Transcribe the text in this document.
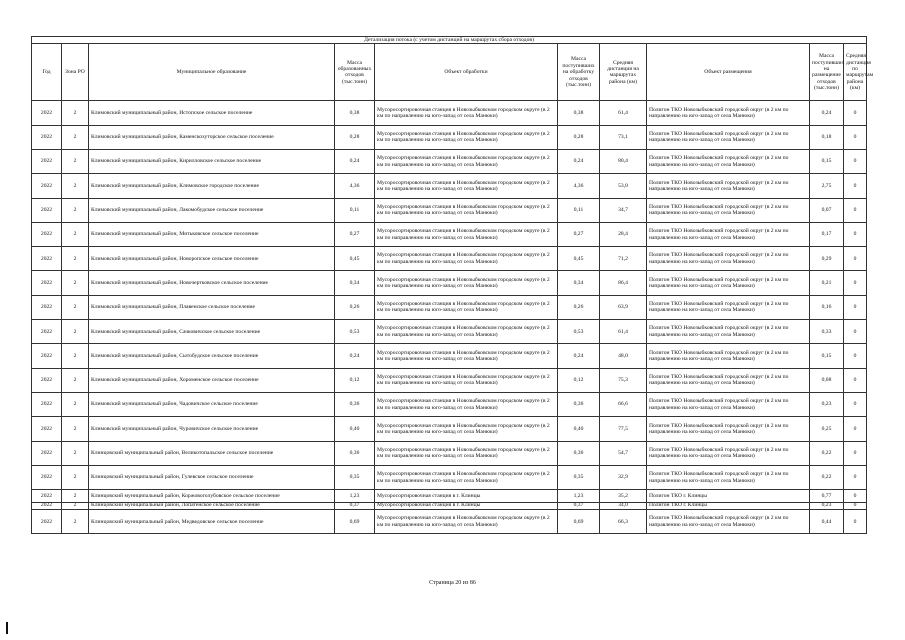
Детализация потока (с учетом дистанций на маршрутах сбора отходов)									
Год	Зона РО	Муниципальное образование	Масса образованных отходов (тыс.тонн)	Объект обработки	Масса поступивших на обработку отходов (тыс.тонн)	Средняя дистанция на маршрутах района (км)	Объект размещения	Масса поступивших на размещение отходов (тыс.тонн)	Средняя дистанция по маршрутам района (км)
2022	2	Климовский муниципальный район, Истопское сельское поселение	0,38	Мусоросортировочная станция в Новозыбковском городском округе (в 2 км по направлению на юго-запад от села Манюки)	0,38	61,4	Полигон ТКО Новозыбковский городской округ (в 2 км по направлению на юго-запад от села Манюки)	0,24	0
2022	2	Климовский муниципальный район, Каменскохуторское сельское поселение	0,28	Мусоросортировочная станция в Новозыбковском городском округе (в 2 км по направлению на юго-запад от села Манюки)	0,28	73,1	Полигон ТКО Новозыбковский городской округ (в 2 км по направлению на юго-запад от села Манюки)	0,18	0
2022	2	Климовский муниципальный район, Кирилловское сельское поселение	0,24	Мусоросортировочная станция в Новозыбковском городском округе (в 2 км по направлению на юго-запад от села Манюки)	0,24	80,4	Полигон ТКО Новозыбковский городской округ (в 2 км по направлению на юго-запад от села Манюки)	0,15	0
2022	2	Климовский муниципальный район, Климовское городское поселение	4,36	Мусоросортировочная станция в Новозыбковском городском округе (в 2 км по направлению на юго-запад от села Манюки)	4,36	53,0	Полигон ТКО Новозыбковский городской округ (в 2 км по направлению на юго-запад от села Манюки)	2,75	0
2022	2	Климовский муниципальный район, Лакомобудское сельское поселение	0,11	Мусоросортировочная станция в Новозыбковском городском округе (в 2 км по направлению на юго-запад от села Манюки)	0,11	34,7	Полигон ТКО Новозыбковский городской округ (в 2 км по направлению на юго-запад от села Манюки)	0,07	0
2022	2	Климовский муниципальный район, Митьковское сельское поселение	0,27	Мусоросортировочная станция в Новозыбковском городском округе (в 2 км по направлению на юго-запад от села Манюки)	0,27	28,4	Полигон ТКО Новозыбковский городской округ (в 2 км по направлению на юго-запад от села Манюки)	0,17	0
2022	2	Климовский муниципальный район, Новоропское сельское поселение	0,45	Мусоросортировочная станция в Новозыбковском городском округе (в 2 км по направлению на юго-запад от села Манюки)	0,45	71,2	Полигон ТКО Новозыбковский городской округ (в 2 км по направлению на юго-запад от села Манюки)	0,29	0
2022	2	Климовский муниципальный район, Новочертковское сельское поселение	0,34	Мусоросортировочная станция в Новозыбковском городском округе (в 2 км по направлению на юго-запад от села Манюки)	0,34	86,4	Полигон ТКО Новозыбковский городской округ (в 2 км по направлению на юго-запад от села Манюки)	0,21	0
2022	2	Климовский муниципальный район, Плавенское сельское поселение	0,26	Мусоросортировочная станция в Новозыбковском городском округе (в 2 км по направлению на юго-запад от села Манюки)	0,26	63,9	Полигон ТКО Новозыбковский городской округ (в 2 км по направлению на юго-запад от села Манюки)	0,16	0
2022	2	Климовский муниципальный район, Сачковичское сельское поселение	0,53	Мусоросортировочная станция в Новозыбковском городском округе (в 2 км по направлению на юго-запад от села Манюки)	0,53	61,4	Полигон ТКО Новозыбковский городской округ (в 2 км по направлению на юго-запад от села Манюки)	0,33	0
2022	2	Климовский муниципальный район, Сытобудское сельское поселение	0,24	Мусоросортировочная станция в Новозыбковском городском округе (в 2 км по направлению на юго-запад от села Манюки)	0,24	48,0	Полигон ТКО Новозыбковский городской округ (в 2 км по направлению на юго-запад от села Манюки)	0,15	0
2022	2	Климовский муниципальный район, Хороменское сельское поселение	0,12	Мусоросортировочная станция в Новозыбковском городском округе (в 2 км по направлению на юго-запад от села Манюки)	0,12	75,3	Полигон ТКО Новозыбковский городской округ (в 2 км по направлению на юго-запад от села Манюки)	0,08	0
2022	2	Климовский муниципальный район, Чадовичское сельское поселение	0,36	Мусоросортировочная станция в Новозыбковском городском округе (в 2 км по направлению на юго-запад от села Манюки)	0,36	66,6	Полигон ТКО Новозыбковский городской округ (в 2 км по направлению на юго-запад от села Манюки)	0,23	0
2022	2	Климовский муниципальный район, Чуровичское сельское поселение	0,40	Мусоросортировочная станция в Новозыбковском городском округе (в 2 км по направлению на юго-запад от села Манюки)	0,40	77,5	Полигон ТКО Новозыбковский городской округ (в 2 км по направлению на юго-запад от села Манюки)	0,25	0
2022	2	Клинцовский муниципальный район, Великотопальское сельское поселение	0,36	Мусоросортировочная станция в Новозыбковском городском округе (в 2 км по направлению на юго-запад от села Манюки)	0,36	54,7	Полигон ТКО Новозыбковский городской округ (в 2 км по направлению на юго-запад от села Манюки)	0,22	0
2022	2	Клинцовский муниципальный район, Гулевское сельское поселение	0,35	Мусоросортировочная станция в Новозыбковском городском округе (в 2 км по направлению на юго-запад от села Манюки)	0,35	32,9	Полигон ТКО Новозыбковский городской округ (в 2 км по направлению на юго-запад от села Манюки)	0,22	0
2022	2	Клинцовский муниципальный район, Коржовоголубовское сельское поселение	1,23	Мусоросортировочная станция в г. Клинцы	1,23	35,2	Полигон ТКО г. Клинцы	0,77	0
2022	2	Клинцовский муниципальный район, Лопатенское сельское поселение	0,37	Мусоросортировочная станция в г. Клинцы	0,37	34,0	Полигон ТКО г. Клинцы	0,23	0
2022	2	Клинцовский муниципальный район, Медведовское сельское поселение	0,69	Мусоросортировочная станция в Новозыбковском городском округе (в 2 км по направлению на юго-запад от села Манюки)	0,69	66,3	Полигон ТКО Новозыбковский городской округ (в 2 км по направлению на юго-запад от села Манюки)	0,44	0
Страница 20 из 86
